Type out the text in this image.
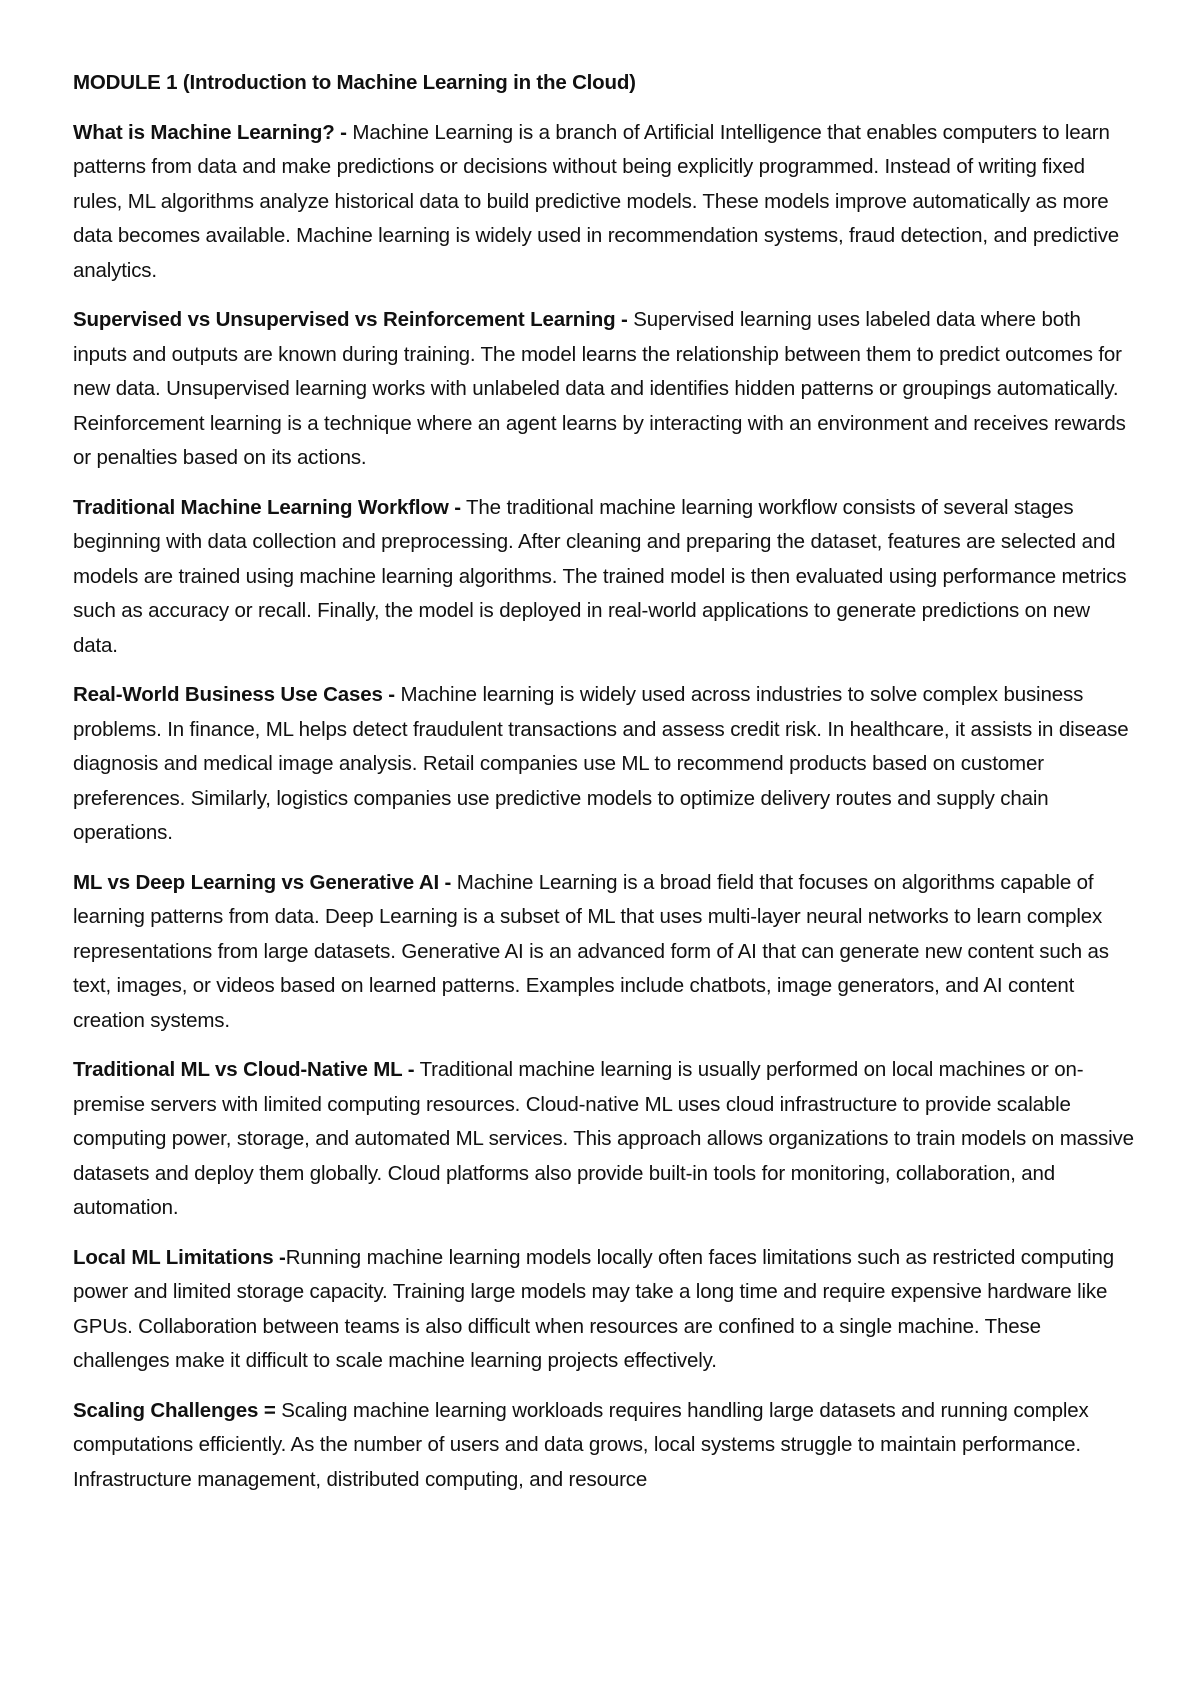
MODULE 1 (Introduction to Machine Learning in the Cloud)

What is Machine Learning? - Machine Learning is a branch of Artificial Intelligence that enables computers to learn patterns from data and make predictions or decisions without being explicitly programmed. Instead of writing fixed rules, ML algorithms analyze historical data to build predictive models. These models improve automatically as more data becomes available. Machine learning is widely used in recommendation systems, fraud detection, and predictive analytics.

Supervised vs Unsupervised vs Reinforcement Learning - Supervised learning uses labeled data where both inputs and outputs are known during training. The model learns the relationship between them to predict outcomes for new data. Unsupervised learning works with unlabeled data and identifies hidden patterns or groupings automatically. Reinforcement learning is a technique where an agent learns by interacting with an environment and receives rewards or penalties based on its actions.

Traditional Machine Learning Workflow - The traditional machine learning workflow consists of several stages beginning with data collection and preprocessing. After cleaning and preparing the dataset, features are selected and models are trained using machine learning algorithms. The trained model is then evaluated using performance metrics such as accuracy or recall. Finally, the model is deployed in real-world applications to generate predictions on new data.

Real-World Business Use Cases - Machine learning is widely used across industries to solve complex business problems. In finance, ML helps detect fraudulent transactions and assess credit risk. In healthcare, it assists in disease diagnosis and medical image analysis. Retail companies use ML to recommend products based on customer preferences. Similarly, logistics companies use predictive models to optimize delivery routes and supply chain operations.

ML vs Deep Learning vs Generative AI - Machine Learning is a broad field that focuses on algorithms capable of learning patterns from data. Deep Learning is a subset of ML that uses multi-layer neural networks to learn complex representations from large datasets. Generative AI is an advanced form of AI that can generate new content such as text, images, or videos based on learned patterns. Examples include chatbots, image generators, and AI content creation systems.

Traditional ML vs Cloud-Native ML - Traditional machine learning is usually performed on local machines or on-premise servers with limited computing resources. Cloud-native ML uses cloud infrastructure to provide scalable computing power, storage, and automated ML services. This approach allows organizations to train models on massive datasets and deploy them globally. Cloud platforms also provide built-in tools for monitoring, collaboration, and automation.

Local ML Limitations -Running machine learning models locally often faces limitations such as restricted computing power and limited storage capacity. Training large models may take a long time and require expensive hardware like GPUs. Collaboration between teams is also difficult when resources are confined to a single machine. These challenges make it difficult to scale machine learning projects effectively.

Scaling Challenges = Scaling machine learning workloads requires handling large datasets and running complex computations efficiently. As the number of users and data grows, local systems struggle to maintain performance. Infrastructure management, distributed computing, and resource
